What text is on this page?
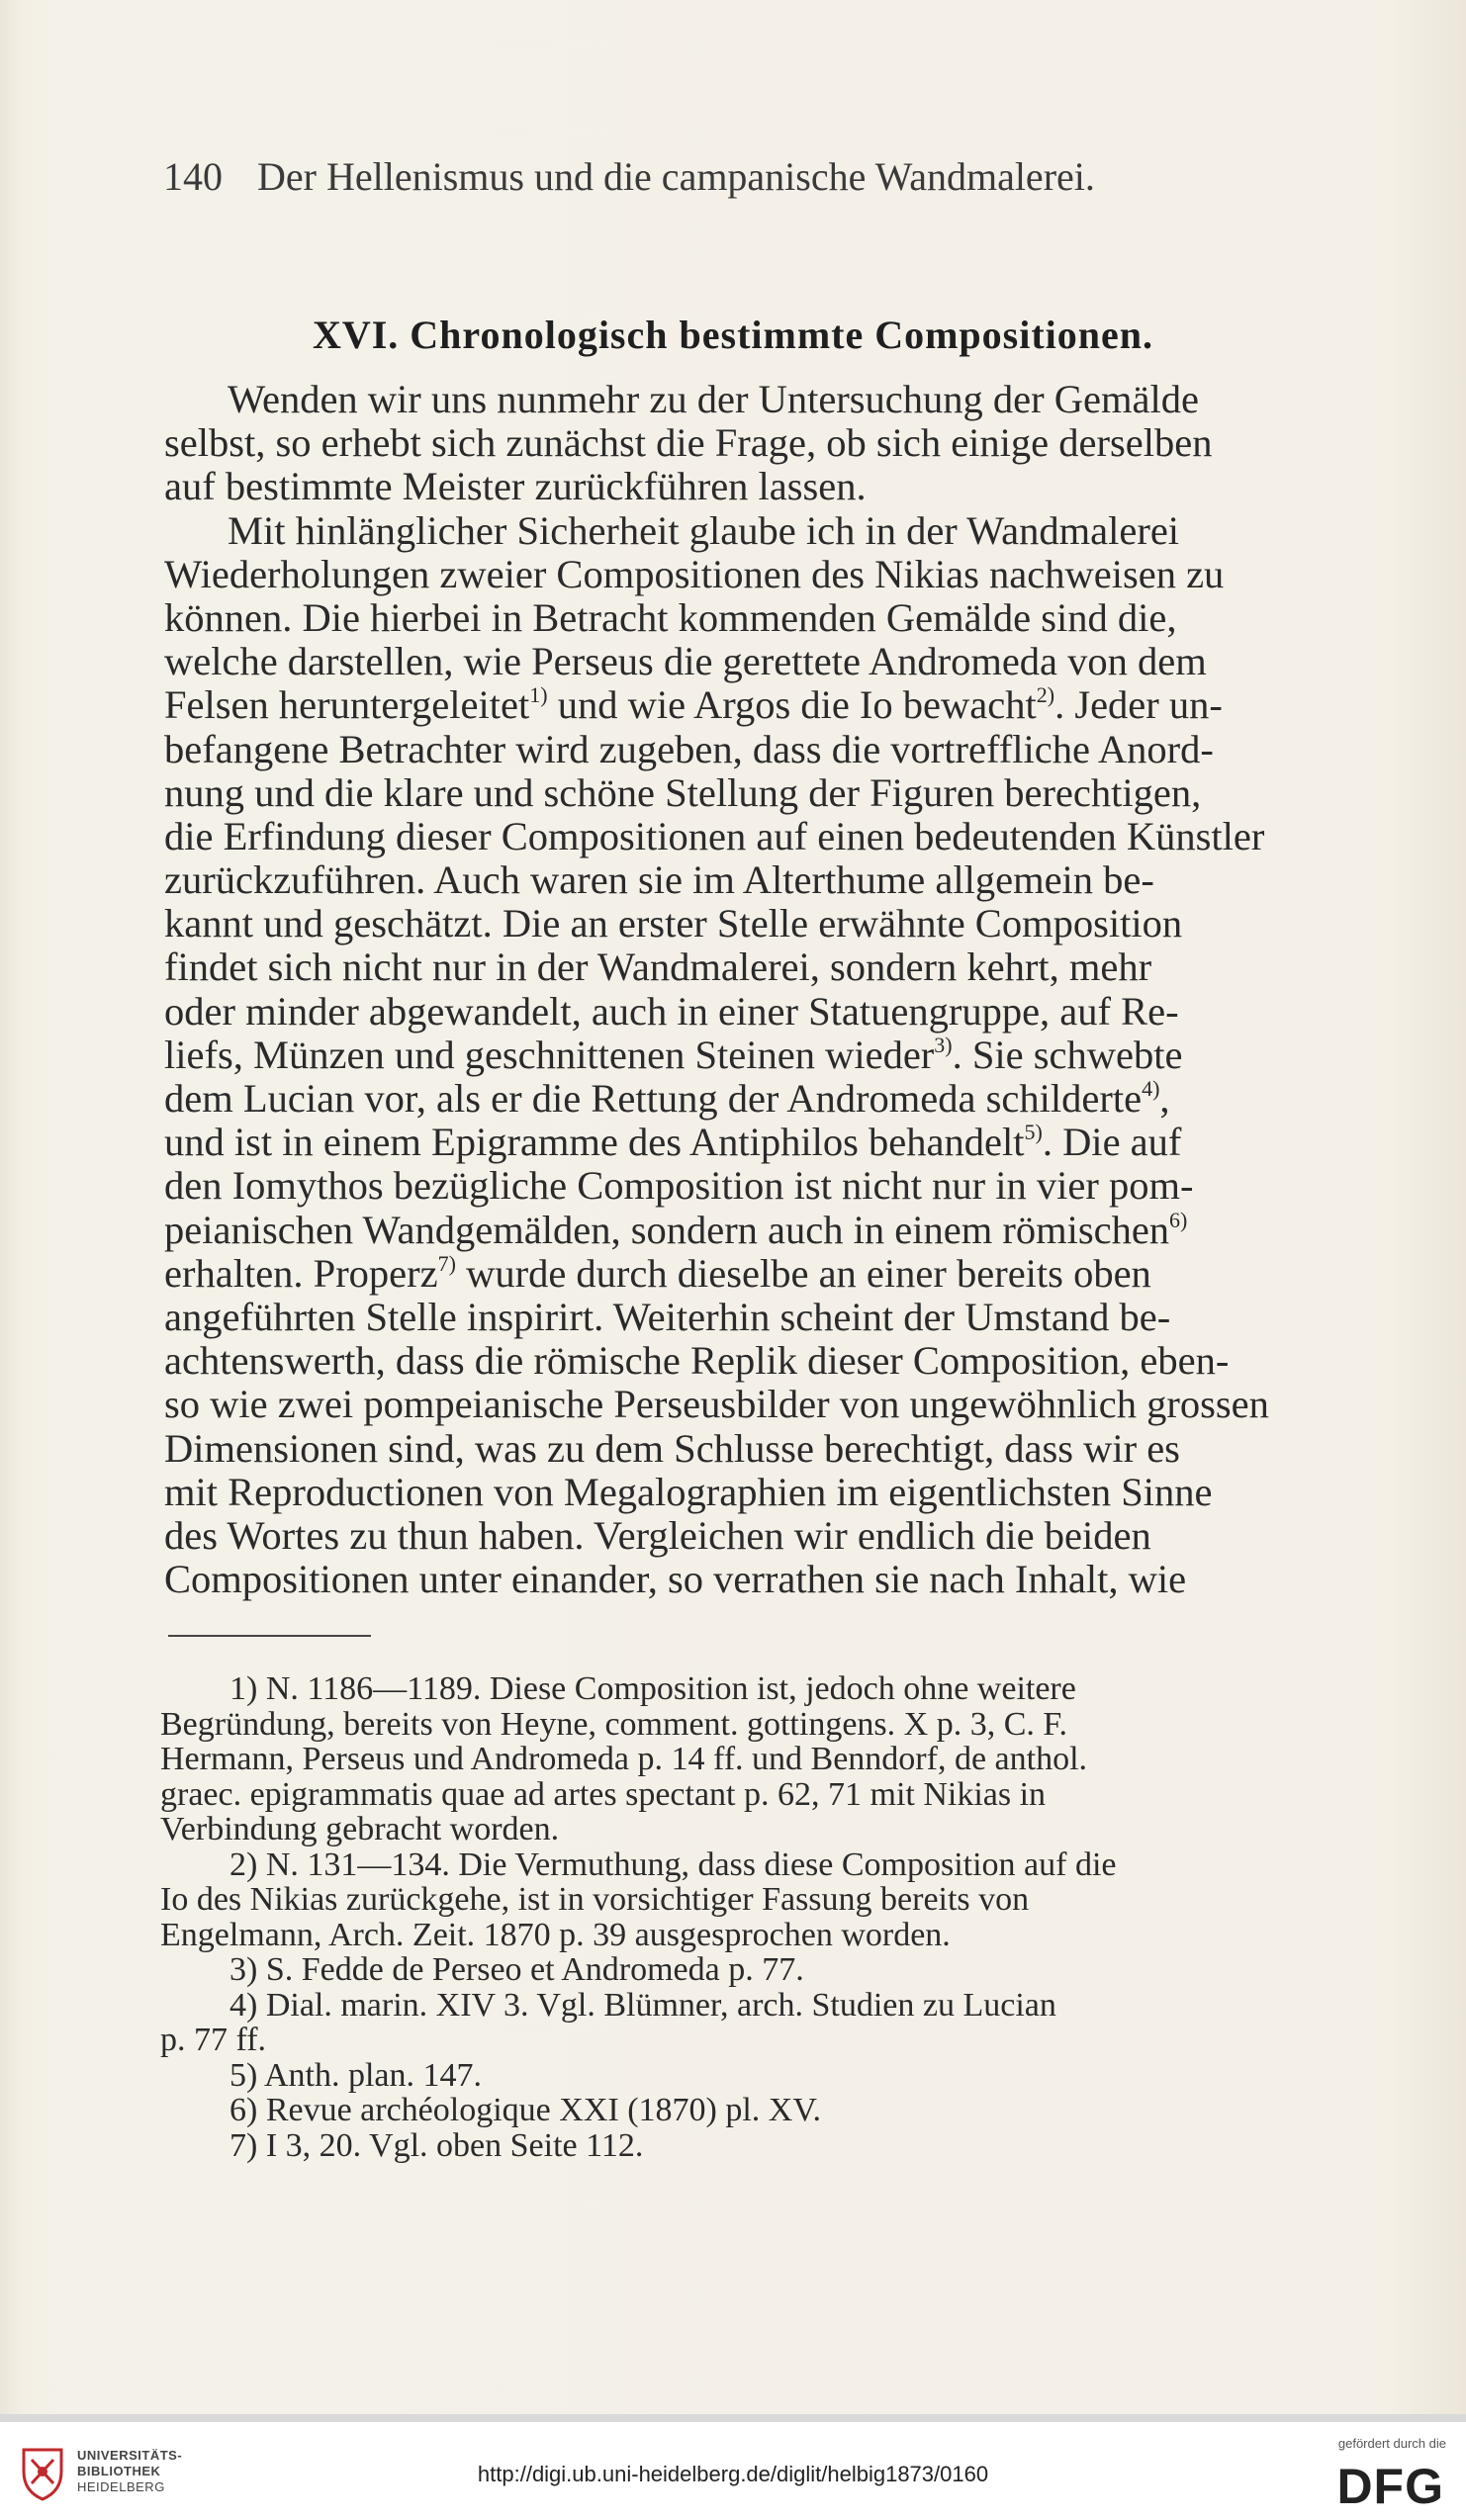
140 Der Hellenismus und die campanische Wandmalerei.
XVI. Chronologisch bestimmte Compositionen.
Wenden wir uns nunmehr zu der Untersuchung der Gemälde
selbst, so erhebt sich zunächst die Frage, ob sich einige derselben
auf bestimmte Meister zurückführen lassen.
Mit hinlänglicher Sicherheit glaube ich in der Wandmalerei
Wiederholungen zweier Compositionen des Nikias nachweisen zu
können. Die hierbei in Betracht kommenden Gemälde sind die,
welche darstellen, wie Perseus die gerettete Andromeda von dem
Felsen heruntergeleitet$^{1)}$ und wie Argos die Io bewacht$^{2)}$. Jeder un-
befangene Betrachter wird zugeben, dass die vortreffliche Anord-
nung und die klare und schöne Stellung der Figuren berechtigen,
die Erfindung dieser Compositionen auf einen bedeutenden Künstler
zurückzuführen. Auch waren sie im Alterthume allgemein be-
kannt und geschätzt. Die an erster Stelle erwähnte Composition
findet sich nicht nur in der Wandmalerei, sondern kehrt, mehr
oder minder abgewandelt, auch in einer Statuengruppe, auf Re-
liefs, Münzen und geschnittenen Steinen wieder$^{3)}$. Sie schwebte
dem Lucian vor, als er die Rettung der Andromeda schilderte$^{4)}$,
und ist in einem Epigramme des Antiphilos behandelt$^{5)}$. Die auf
den Iomythos bezügliche Composition ist nicht nur in vier pom-
peianischen Wandgemälden, sondern auch in einem römischen$^{6)}$
erhalten. Properz$^{7)}$ wurde durch dieselbe an einer bereits oben
angeführten Stelle inspirirt. Weiterhin scheint der Umstand be-
achtenswerth, dass die römische Replik dieser Composition, eben-
so wie zwei pompeianische Perseusbilder von ungewöhnlich grossen
Dimensionen sind, was zu dem Schlusse berechtigt, dass wir es
mit Reproductionen von Megalographien im eigentlichsten Sinne
des Wortes zu thun haben. Vergleichen wir endlich die beiden
Compositionen unter einander, so verrathen sie nach Inhalt, wie
1) N. 1186—1189. Diese Composition ist, jedoch ohne weitere
Begründung, bereits von Heyne, comment. gottingens. X p. 3, C. F.
Hermann, Perseus und Andromeda p. 14 ff. und Benndorf, de anthol.
graec. epigrammatis quae ad artes spectant p. 62, 71 mit Nikias in
Verbindung gebracht worden.
2) N. 131—134. Die Vermuthung, dass diese Composition auf die
Io des Nikias zurückgehe, ist in vorsichtiger Fassung bereits von
Engelmann, Arch. Zeit. 1870 p. 39 ausgesprochen worden.
3) S. Fedde de Perseo et Andromeda p. 77.
4) Dial. marin. XIV 3. Vgl. Blümner, arch. Studien zu Lucian
p. 77 ff.
5) Anth. plan. 147.
6) Revue archéologique XXI (1870) pl. XV.
7) I 3, 20. Vgl. oben Seite 112.
UNIVERSITÄTS-
BIBLIOTHEK
HEIDELBERG
http://digi.ub.uni-heidelberg.de/diglit/helbig1873/0160
gefördert durch die
DFG
